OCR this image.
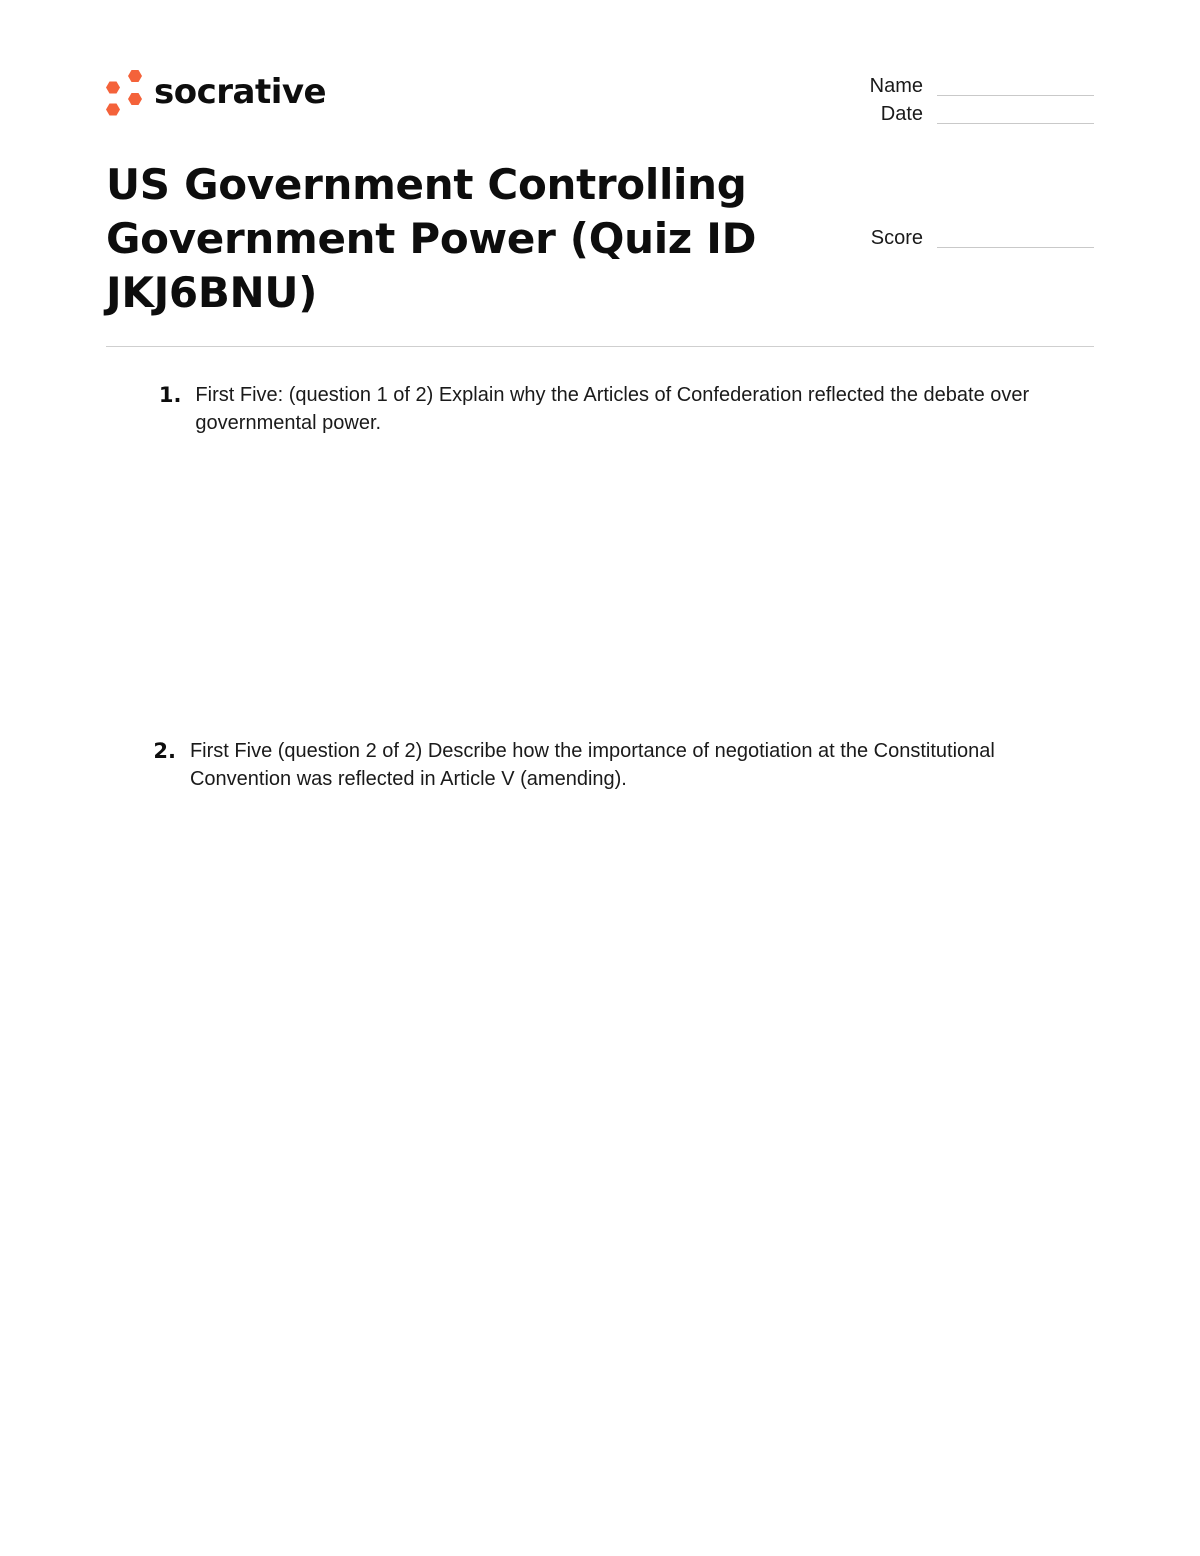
socrative	Name
Date
Score
US Government Controlling Government Power (Quiz ID JKJ6BNU)
1. First Five: (question 1 of 2) Explain why the Articles of Confederation reflected the debate over governmental power.
2. First Five (question 2 of 2) Describe how the importance of negotiation at the Constitutional Convention was reflected in Article V (amending).
